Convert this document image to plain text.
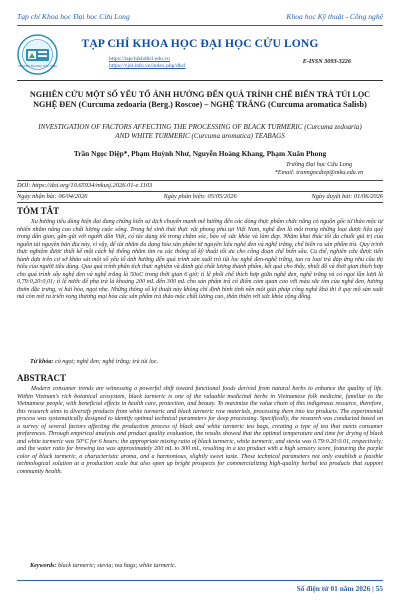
Tạp chí Khoa học Đại học Cửu Long	Khoa học Kỹ thuật - Công nghệ
TRƯỜNG ĐẠI HỌC CỬU LONG
TẠP CHÍ KHOA HỌC ĐẠI HỌC CỬU LONG
https://tapchikhdhcl.edu.vn
https://vjol.info.vn/index.php/dhcl
E-ISSN 3093-3226
NGHIÊN CỨU MỘT SỐ YẾU TỐ ẢNH HƯỞNG ĐẾN QUÁ TRÌNH CHẾ BIẾN TRÀ TÚI LỌC NGHỆ ĐEN (Curcuma zedoaria (Berg.) Roscoe) – NGHỆ TRẮNG (Curcuma aromatica Salisb)

INVESTIGATION OF FACTORS AFFECTING THE PROCESSING OF BLACK TURMERIC (Curcuma zedoaria) AND WHITE TURMERIC (Curcuma aromatica) TEABAGS

Trần Ngọc Diệp*, Phạm Huỳnh Như, Nguyễn Hoàng Khang, Phạm Xuân Phong
Trường Đại học Cửu Long
*Email: tranngocdiep@mku.edu.vn
DOI: https://doi.org/10.65934/mkusj.2026.01-e.1103
Ngày nhận bài: 06/04/2026	Ngày phản biện: 05/05/2026	Ngày duyệt bài: 01/06/2026
TÓM TẮT

Xu hướng tiêu dùng hiện đại đang chứng kiến sự dịch chuyển mạnh mẽ hướng đến các dòng thực phẩm chức năng có nguồn gốc từ thảo mộc tự nhiên nhằm nâng cao chất lượng cuộc sống. Trong hệ sinh thái thực vật phong phú tại Việt Nam, nghệ đen là một trong những loại dược liệu quý trong dân gian, gắn gũi với người dân Việt, có tác dụng tốt trong chăm sóc, bảo vệ sức khỏe và làm đẹp. Nhằm khai thác tối đa chuỗi giá trị của nguồn tài nguyên bản địa này, vì vậy, để tài nhằm đa dạng hóa sản phẩm từ nguyên liệu nghệ đen và nghệ trắng, chế biến ra sản phẩm trà. Quy trình thực nghiệm được thiết kế một cách hệ thống nhằm tìm ra các thông số kỹ thuật tối ưu cho công đoạn chế biến sâu. Cụ thể, nghiên cứu được tiến hành dựa trên cơ sở khảo sát một số yếu tố ảnh hưởng đến quá trình sản xuất trà túi lọc nghệ đen-nghệ trắng, tạo ra loại trà đáp ứng nhu cầu thị hiếu của người tiêu dùng. Qua quá trình phân tích thực nghiệm và đánh giá chất lượng thành phẩm, kết quả cho thấy, nhiệt độ và thời gian thích hợp cho quá trình sấy nghệ đen và nghệ trắng là 50oC trong thời gian 6 giờ; tỉ lệ phối chế thích hợp giữa nghệ đen, nghệ trắng và cỏ ngọt lần lượt là 0,79:0,20:0,01; tỉ lệ nước để pha trà là khoảng 200 mL đến 300 mL cho sản phẩm trà có điểm cảm quan cao với màu sắc tím của nghệ đen, hương thơm đặc trưng, vị hài hòa, ngọt nhẹ. Những thông số kỹ thuật này không chỉ định hình tính nền một giải pháp công nghệ khả thi ở quy mô sản xuất mà còn mở ra triển vọng thương mại hóa các sản phẩm trà thảo mộc chất lượng cao, thân thiện với sức khỏe cộng đồng.

Từ khóa: cỏ ngọt; nghệ đen; nghệ trắng; trà túi lọc.
ABSTRACT

Modern consumer trends are witnessing a powerful shift toward functional foods derived from natural herbs to enhance the quality of life. Within Vietnam's rich botanical ecosystem, black turmeric is one of the valuable medicinal herbs in Vietnamese folk medicine, familiar to the Vietnamese people, with beneficial effects in health care, protection, and beauty. To maximize the value chain of this indigenous resource, therefore, this research aims to diversify products from white turmeric and black turmeric raw materials, processing them into tea products. The experimental process was systematically designed to identify optimal technical parameters for deep processing. Specifically, the research was conducted based on a survey of several factors affecting the production process of black and white turmeric tea bags, creating a type of tea that meets consumer preferences. Through empirical analysis and product quality evaluation, the results showed that the optimal temperature and time for drying of black and white turmeric was 50°C for 6 hours; the appropriate mixing ratio of black turmeric, white turmeric, and stevia was 0.79:0.20:0.01, respectively; and the water ratio for brewing tea was approximately 200 mL to 300 mL, resulting in a tea product with a high sensory score, featuring the purple color of black turmeric, a characteristic aroma, and a harmonious, slightly sweet taste. These technical parameters not only establish a feasible technological solution at a production scale but also open up bright prospects for commercializing high-quality herbal tea products that support community health.

Keywords: black turmeric; stevia; tea bags; white turmeric.
Số điện tử 01 năm 2026 | 55
